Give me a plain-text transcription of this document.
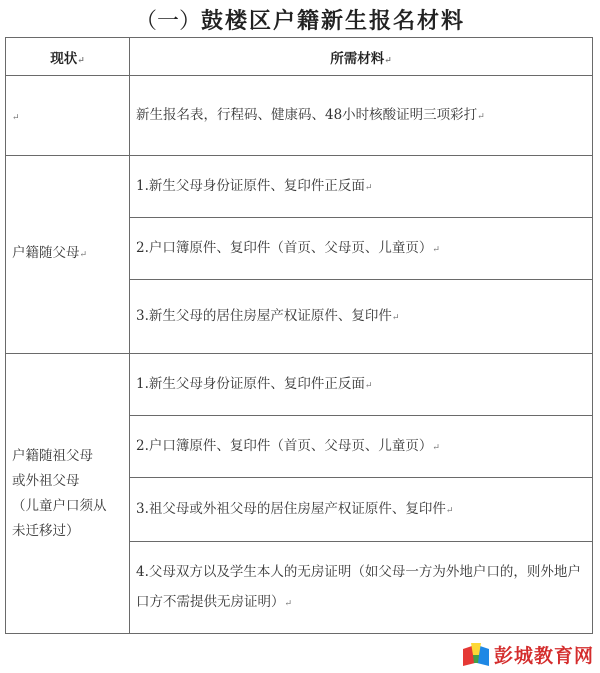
（一）鼓楼区户籍新生报名材料
现状↵	所需材料↵
↵	新生报名表，行程码、健康码、48小时核酸证明三项彩打↵
户籍随父母↵	1.新生父母身份证原件、复印件正反面↵
	2.户口簿原件、复印件（首页、父母页、儿童页）↵
	3.新生父母的居住房屋产权证原件、复印件↵

户籍随祖父母
或外祖父母
（儿童户口须从
未迁移过）	1.新生父母身份证原件、复印件正反面↵
	2.户口簿原件、复印件（首页、父母页、儿童页）↵
	3.祖父母或外祖父母的居住房屋产权证原件、复印件↵
	4.父母双方以及学生本人的无房证明（如父母一方为外地户口的，则外地户口方不需提供无房证明）↵
彭城教育网
